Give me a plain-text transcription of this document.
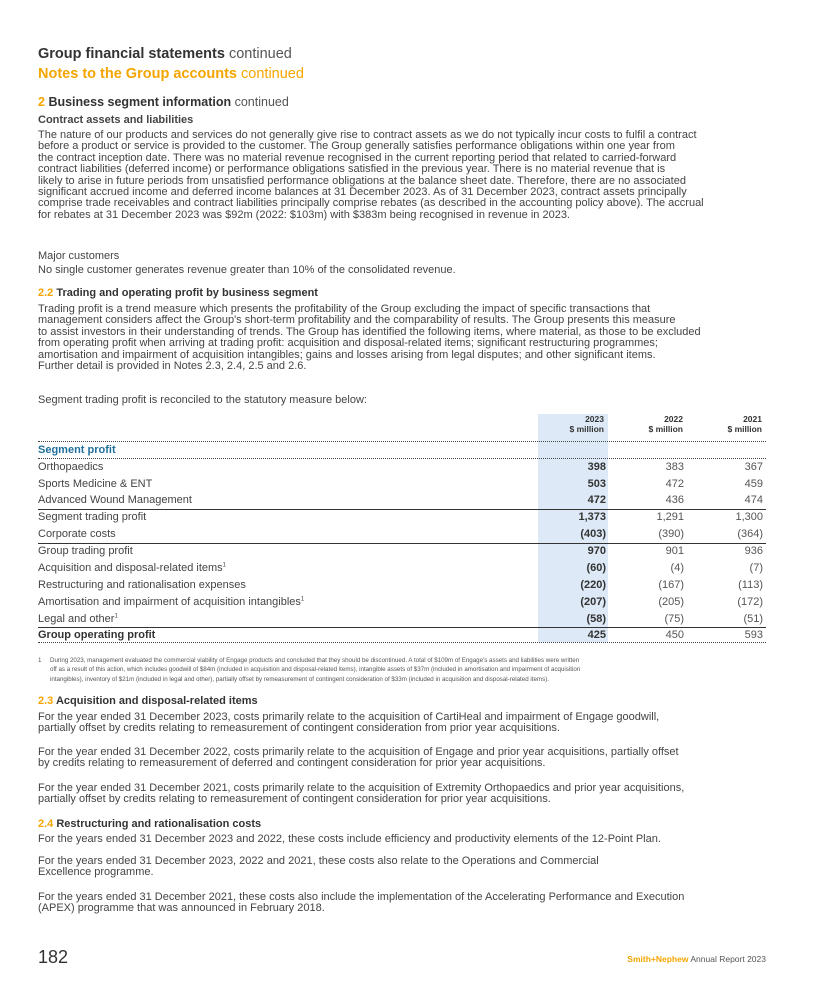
Group financial statements continued
Notes to the Group accounts continued
2 Business segment information continued
Contract assets and liabilities
The nature of our products and services do not generally give rise to contract assets as we do not typically incur costs to fulfil a contract
before a product or service is provided to the customer. The Group generally satisfies performance obligations within one year from
the contract inception date. There was no material revenue recognised in the current reporting period that related to carried-forward
contract liabilities (deferred income) or performance obligations satisfied in the previous year. There is no material revenue that is
likely to arise in future periods from unsatisfied performance obligations at the balance sheet date. Therefore, there are no associated
significant accrued income and deferred income balances at 31 December 2023. As of 31 December 2023, contract assets principally
comprise trade receivables and contract liabilities principally comprise rebates (as described in the accounting policy above). The accrual
for rebates at 31 December 2023 was $92m (2022: $103m) with $383m being recognised in revenue in 2023.
Major customers
No single customer generates revenue greater than 10% of the consolidated revenue.
2.2 Trading and operating profit by business segment
Trading profit is a trend measure which presents the profitability of the Group excluding the impact of specific transactions that
management considers affect the Group's short-term profitability and the comparability of results. The Group presents this measure
to assist investors in their understanding of trends. The Group has identified the following items, where material, as those to be excluded
from operating profit when arriving at trading profit: acquisition and disposal-related items; significant restructuring programmes;
amortisation and impairment of acquisition intangibles; gains and losses arising from legal disputes; and other significant items.
Further detail is provided in Notes 2.3, 2.4, 2.5 and 2.6.
Segment trading profit is reconciled to the statutory measure below:
2023
$ million
2022
$ million
2021
$ million
Segment profit
Orthopaedics	398	383	367
Sports Medicine & ENT	503	472	459
Advanced Wound Management	472	436	474
Segment trading profit	1,373	1,291	1,300
Corporate costs	(403)	(390)	(364)
Group trading profit	970	901	936
Acquisition and disposal-related items$^1$	(60)	(4)	(7)
Restructuring and rationalisation expenses	(220)	(167)	(113)
Amortisation and impairment of acquisition intangibles$^1$	(207)	(205)	(172)
Legal and other$^1$	(58)	(75)	(51)
Group operating profit	425	450	593
1 During 2023, management evaluated the commercial viability of Engage products and concluded that they should be discontinued. A total of $109m of Engage's assets and liabilities were written
off as a result of this action, which includes goodwill of $84m (included in acquisition and disposal-related items), intangible assets of $37m (included in amortisation and impairment of acquisition
intangibles), inventory of $21m (included in legal and other), partially offset by remeasurement of contingent consideration of $33m (included in acquisition and disposal-related items).
2.3 Acquisition and disposal-related items
For the year ended 31 December 2023, costs primarily relate to the acquisition of CartiHeal and impairment of Engage goodwill,
partially offset by credits relating to remeasurement of contingent consideration from prior year acquisitions.
For the year ended 31 December 2022, costs primarily relate to the acquisition of Engage and prior year acquisitions, partially offset
by credits relating to remeasurement of deferred and contingent consideration for prior year acquisitions.
For the year ended 31 December 2021, costs primarily relate to the acquisition of Extremity Orthopaedics and prior year acquisitions,
partially offset by credits relating to remeasurement of contingent consideration for prior year acquisitions.
2.4 Restructuring and rationalisation costs
For the years ended 31 December 2023 and 2022, these costs include efficiency and productivity elements of the 12-Point Plan.
For the years ended 31 December 2023, 2022 and 2021, these costs also relate to the Operations and Commercial
Excellence programme.
For the years ended 31 December 2021, these costs also include the implementation of the Accelerating Performance and Execution
(APEX) programme that was announced in February 2018.
182	Smith+Nephew Annual Report 2023
